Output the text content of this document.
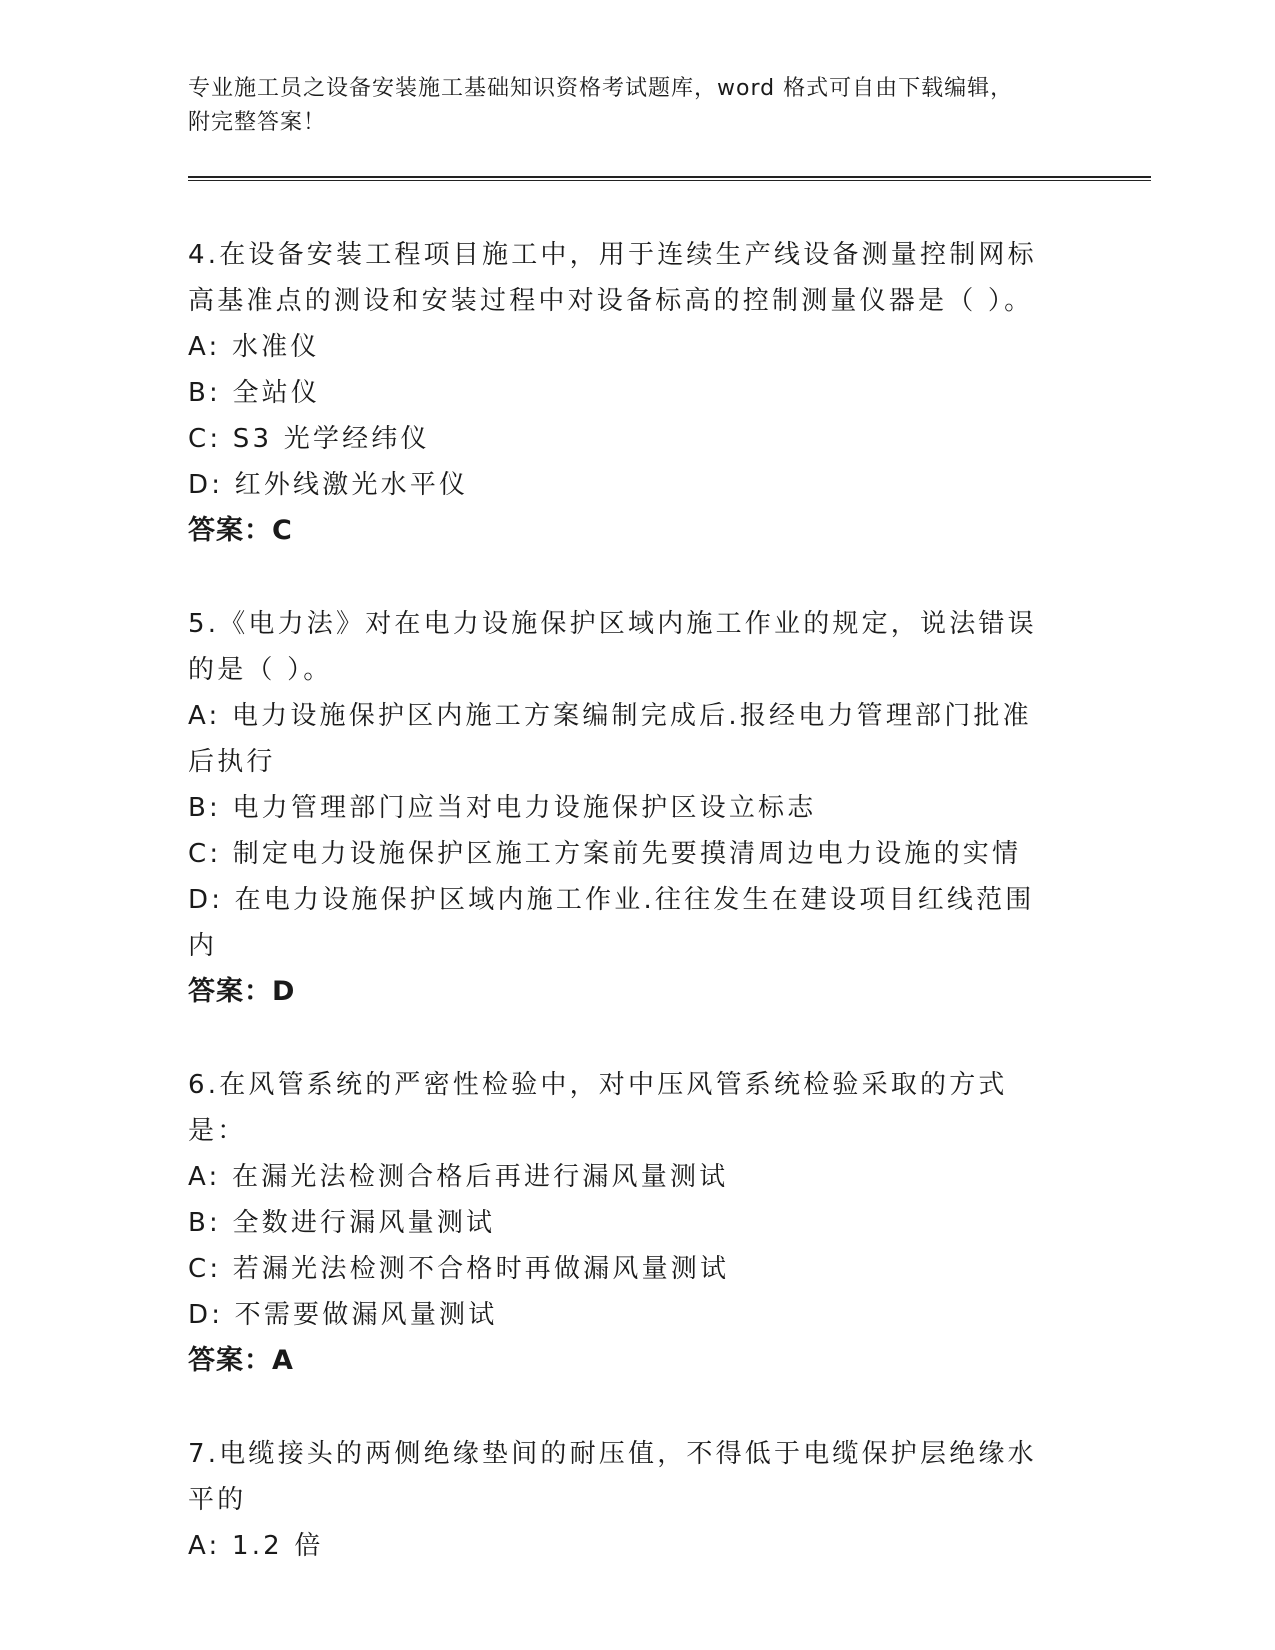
专业施工员之设备安装施工基础知识资格考试题库，word 格式可自由下载编辑，
附完整答案！
4.在设备安装工程项目施工中，用于连续生产线设备测量控制网标高基准点的测设和安装过程中对设备标高的控制测量仪器是（ ）。
A: 水准仪
B: 全站仪
C: S3 光学经纬仪
D: 红外线激光水平仪
答案：C
5.《电力法》对在电力设施保护区域内施工作业的规定，说法错误的是（ ）。
A: 电力设施保护区内施工方案编制完成后.报经电力管理部门批准后执行
B: 电力管理部门应当对电力设施保护区设立标志
C: 制定电力设施保护区施工方案前先要摸清周边电力设施的实情
D: 在电力设施保护区域内施工作业.往往发生在建设项目红线范围内
答案：D
6.在风管系统的严密性检验中，对中压风管系统检验采取的方式是：
A: 在漏光法检测合格后再进行漏风量测试
B: 全数进行漏风量测试
C: 若漏光法检测不合格时再做漏风量测试
D: 不需要做漏风量测试
答案：A
7.电缆接头的两侧绝缘垫间的耐压值，不得低于电缆保护层绝缘水平的
A: 1.2 倍
